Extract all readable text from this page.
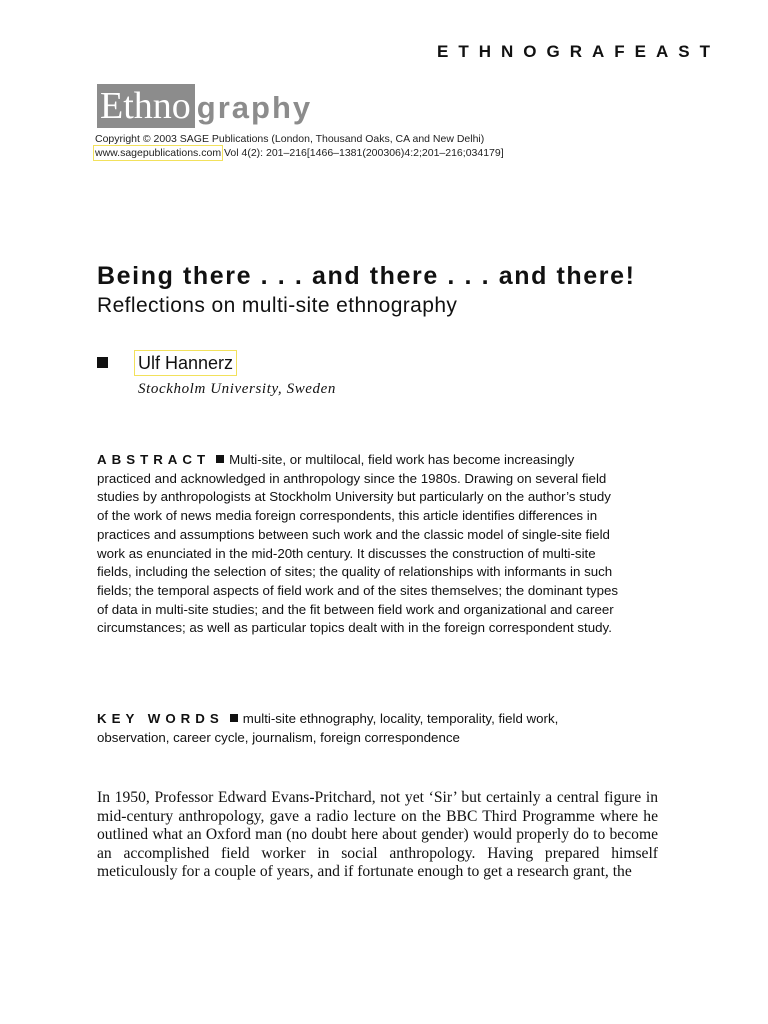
ETHNOGRAFEAST
Ethno graphy
Copyright © 2003 SAGE Publications (London, Thousand Oaks, CA and New Delhi)
www.sagepublications.com Vol 4(2): 201–216[1466–1381(200306)4:2;201–216;034179]
Being there . . . and there . . . and there!
Reflections on multi-site ethnography
Ulf Hannerz
Stockholm University, Sweden
ABSTRACT Multi-site, or multilocal, field work has become increasingly practiced and acknowledged in anthropology since the 1980s. Drawing on several field studies by anthropologists at Stockholm University but particularly on the author’s study of the work of news media foreign correspondents, this article identifies differences in practices and assumptions between such work and the classic model of single-site field work as enunciated in the mid-20th century. It discusses the construction of multi-site fields, including the selection of sites; the quality of relationships with informants in such fields; the temporal aspects of field work and of the sites themselves; the dominant types of data in multi-site studies; and the fit between field work and organizational and career circumstances; as well as particular topics dealt with in the foreign correspondent study.
KEY WORDS multi-site ethnography, locality, temporality, field work, observation, career cycle, journalism, foreign correspondence
In 1950, Professor Edward Evans-Pritchard, not yet ‘Sir’ but certainly a central figure in mid-century anthropology, gave a radio lecture on the BBC Third Programme where he outlined what an Oxford man (no doubt here about gender) would properly do to become an accomplished field worker in social anthropology. Having prepared himself meticulously for a couple of years, and if fortunate enough to get a research grant, the
